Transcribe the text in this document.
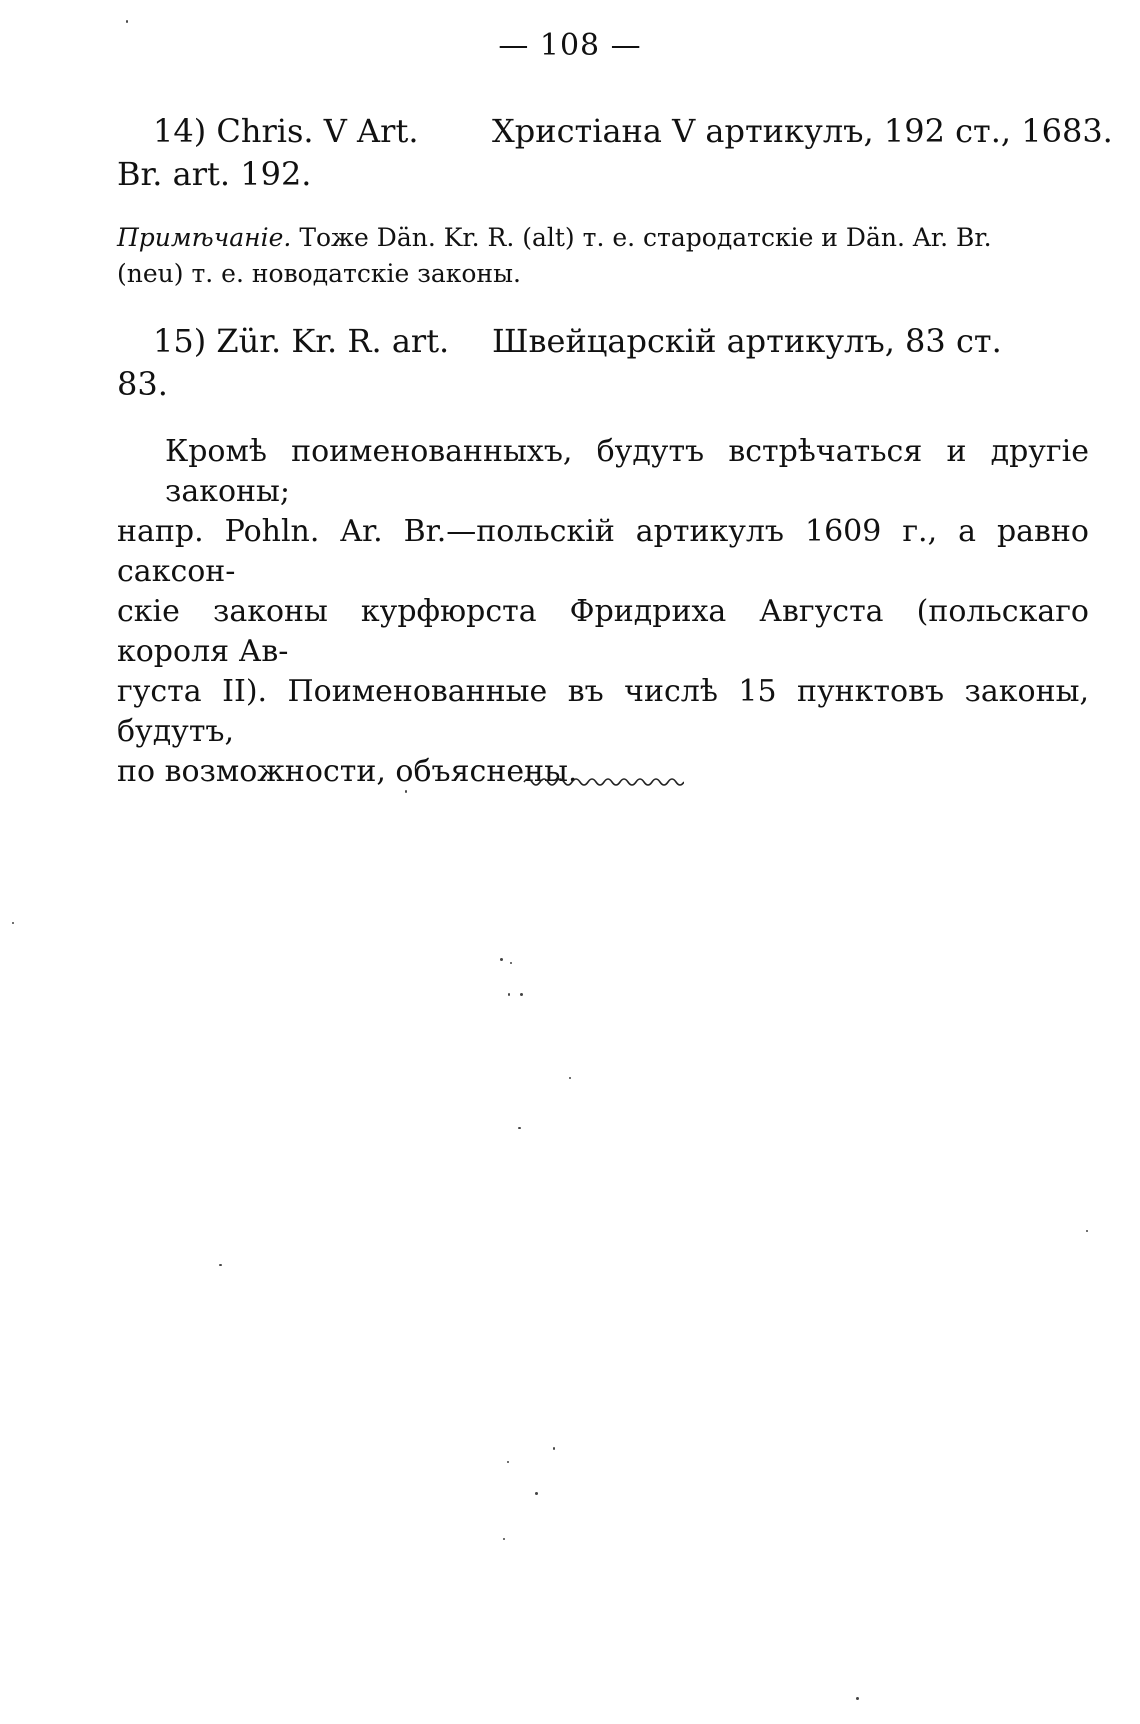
— 108 —
14) Chris. V Art. Христіана V артикулъ, 192 ст., 1683.
Br. art. 192.
Примѣчаніе. Тоже Dän. Kr. R. (alt) т. е. стародатскіе и Dän. Ar. Br.
(neu) т. е. новодатскіе законы.
15) Zür. Kr. R. art. Швейцарскій артикулъ, 83 ст.
83.
Кромѣ поименованныхъ, будутъ встрѣчаться и другіе законы;
напр. Pohln. Ar. Br.—польскій артикулъ 1609 г., а равно саксон-
скіе законы курфюрста Фридриха Августа (польскаго короля Ав-
густа II). Поименованные въ числѣ 15 пунктовъ законы, будутъ,
по возможности, объяснены.
